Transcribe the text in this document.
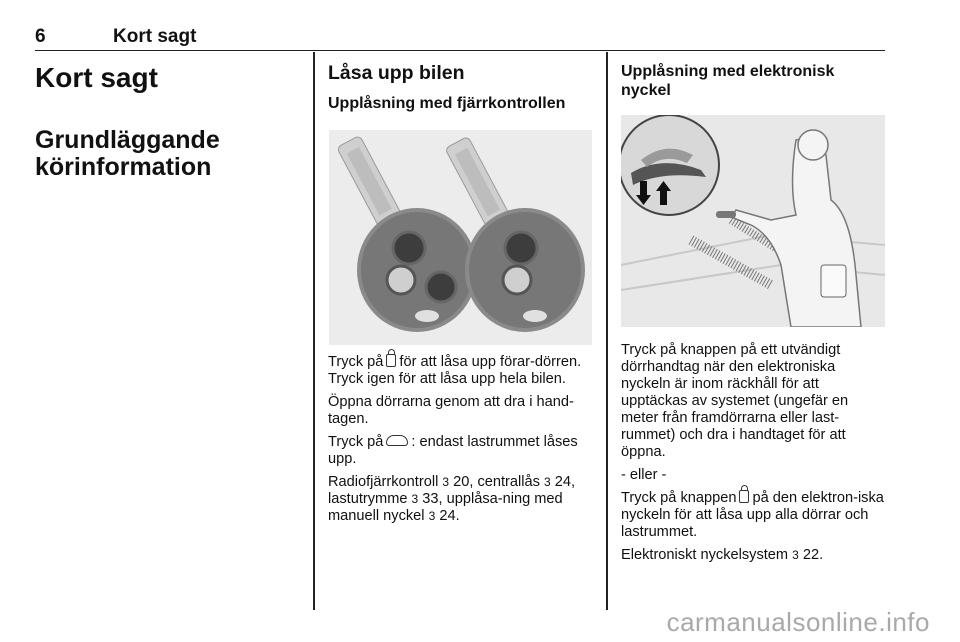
6	Kort sagt
Kort sagt
Grundläggande körinformation
Låsa upp bilen
Upplåsning med fjärrkontrollen

Tryck på för att låsa upp förar-dörren. Tryck igen för att låsa upp hela bilen.

Öppna dörrarna genom att dra i hand-tagen.

Tryck på : endast lastrummet låses upp.

Radiofjärrkontroll 3 20, centrallås 3 24, lastutrymme 3 33, upplåsa-ning med manuell nyckel 3 24.

Upplåsning med elektronisk nyckel

Tryck på knappen på ett utvändigt dörrhandtag när den elektroniska nyckeln är inom räckhåll för att upptäckas av systemet (ungefär en meter från framdörrarna eller last-rummet) och dra i handtaget för att öppna.

- eller -

Tryck på knappen på den elektron-iska nyckeln för att låsa upp alla dörrar och lastrummet.

Elektroniskt nyckelsystem 3 22.

carmanualsonline.info
